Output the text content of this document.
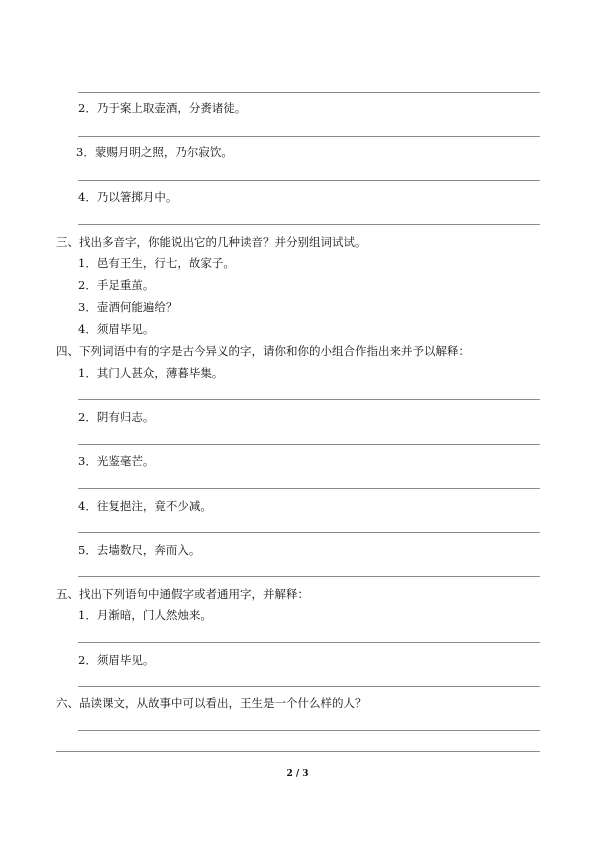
2．乃于案上取壶酒，分赉诸徒。
3．蒙赐月明之照，乃尔寂饮。
4．乃以箸掷月中。
三、找出多音字，你能说出它的几种读音？并分别组词试试。
1．邑有王生，行七，故家子。
2．手足重茧。
3．壶酒何能遍给？
4．须眉毕见。
四、下列词语中有的字是古今异义的字，请你和你的小组合作指出来并予以解释：
1．其门人甚众，薄暮毕集。
2．阴有归志。
3．光鉴毫芒。
4．往复挹注，竟不少减。
5．去墙数尺，奔而入。
五、找出下列语句中通假字或者通用字，并解释：
1．月渐暗，门人然烛来。
2．须眉毕见。
六、品读课文，从故事中可以看出，王生是一个什么样的人？
2 / 3
